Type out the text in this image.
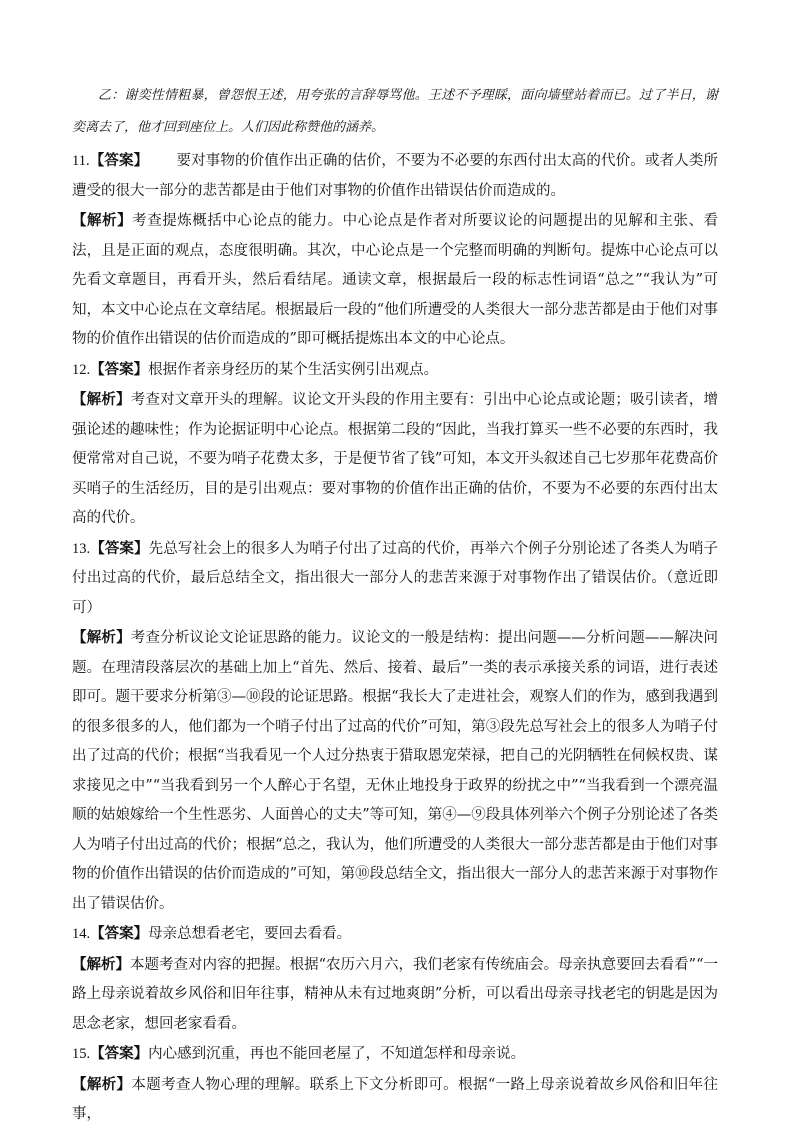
乙：谢奕性情粗暴，曾怨恨王述，用夸张的言辞辱骂他。王述不予理睬，面向墙壁站着而已。过了半日，谢奕离去了，他才回到座位上。人们因此称赞他的涵养。

11.【答案】 要对事物的价值作出正确的估价，不要为不必要的东西付出太高的代价。或者人类所遭受的很大一部分的悲苦都是由于他们对事物的价值作出错误估价而造成的。

【解析】考查提炼概括中心论点的能力。中心论点是作者对所要议论的问题提出的见解和主张、看法，且是正面的观点，态度很明确。其次，中心论点是一个完整而明确的判断句。提炼中心论点可以先看文章题目，再看开头，然后看结尾。通读文章，根据最后一段的标志性词语“总之”“我认为”可知，本文中心论点在文章结尾。根据最后一段的“他们所遭受的人类很大一部分悲苦都是由于他们对事物的价值作出错误的估价而造成的”即可概括提炼出本文的中心论点。

12.【答案】根据作者亲身经历的某个生活实例引出观点。

【解析】考查对文章开头的理解。议论文开头段的作用主要有：引出中心论点或论题；吸引读者，增强论述的趣味性；作为论据证明中心论点。根据第二段的“因此，当我打算买一些不必要的东西时，我便常常对自己说，不要为哨子花费太多，于是便节省了钱”可知，本文开头叙述自己七岁那年花费高价买哨子的生活经历，目的是引出观点：要对事物的价值作出正确的估价，不要为不必要的东西付出太高的代价。

13.【答案】先总写社会上的很多人为哨子付出了过高的代价，再举六个例子分别论述了各类人为哨子付出过高的代价，最后总结全文，指出很大一部分人的悲苦来源于对事物作出了错误估价。（意近即可）

【解析】考查分析议论文论证思路的能力。议论文的一般是结构：提出问题——分析问题——解决问题。在理清段落层次的基础上加上“首先、然后、接着、最后”一类的表示承接关系的词语，进行表述即可。题干要求分析第③—⑩段的论证思路。根据“我长大了走进社会，观察人们的作为，感到我遇到的很多很多的人，他们都为一个哨子付出了过高的代价”可知，第③段先总写社会上的很多人为哨子付出了过高的代价；根据“当我看见一个人过分热衷于猎取恩宠荣禄，把自己的光阴牺牲在伺候权贵、谋求接见之中”“当我看到另一个人醉心于名望，无休止地投身于政界的纷扰之中”“当我看到一个漂亮温顺的姑娘嫁给一个生性恶劣、人面兽心的丈夫”等可知，第④—⑨段具体列举六个例子分别论述了各类人为哨子付出过高的代价；根据“总之，我认为，他们所遭受的人类很大一部分悲苦都是由于他们对事物的价值作出错误的估价而造成的”可知，第⑩段总结全文，指出很大一部分人的悲苦来源于对事物作出了错误估价。

14.【答案】母亲总想看老宅，要回去看看。

【解析】本题考查对内容的把握。根据“农历六月六，我们老家有传统庙会。母亲执意要回去看看”“一路上母亲说着故乡风俗和旧年往事，精神从未有过地爽朗”分析，可以看出母亲寻找老宅的钥匙是因为思念老家，想回老家看看。

15.【答案】内心感到沉重，再也不能回老屋了，不知道怎样和母亲说。

【解析】本题考查人物心理的理解。联系上下文分析即可。根据“一路上母亲说着故乡风俗和旧年往事，
